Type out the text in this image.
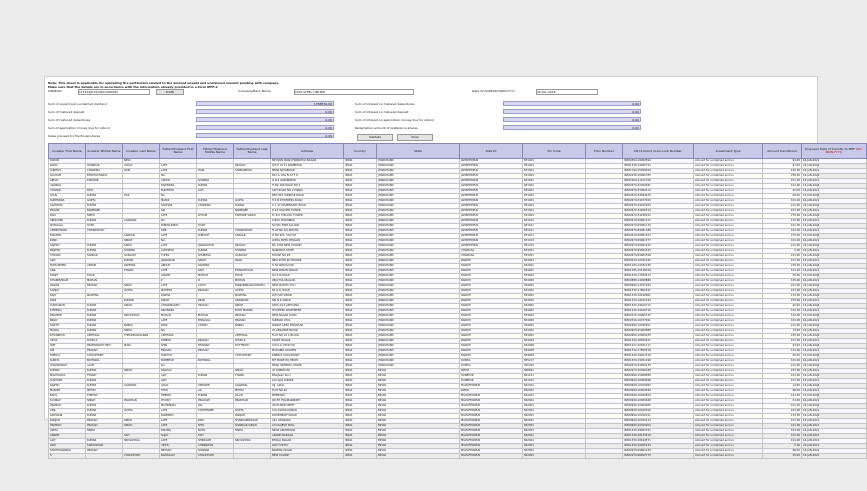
Note: This sheet is applicable for uploading the particulars related to the amount unpaid and unclaimed amount pending with company.
Make sure that the details are in accordance with the information already provided in e-form IEPF-2
CIN/BCIN	L25120JH1919PLC000000	Prefill	Company/Bank Name	TATA STEEL LIMITED	Date Of AGM(DD-MON-YYYY)	20-JUL-2018
Sum of unpaid and unclaimed dividend	1788576.00	Sum of interest on matured debentures	0.00
Sum of matured deposit	0.00	Sum of interest on matured deposit	0.00
Sum of matured debentures	0.00	Sum of interest on application money due for refund	0.00
Sum of application money due for refund	0.00	Redemption amount of preference shares	0.00
Sales proceed for fractional shares	0.00	Validate	Clear
Investor First Name	Investor Middle Name	Investor Last Name	Father/Husband First Name	Father/Husband Middle Name	Father/Husband Last Name	Address	Country	State	District	Pin Code	Folio Number	DP Id-Client Id-Account Number	Investment Type	Amount transferred	Proposed Date of transfer to IEPF (DD-MON-YYYY)
TARUN		NEGI				NE MAIN ROAD FRANKTOA NAGAR	INDIA	JHARKHAND	JAMSHEDPUR	831001		IN300394-19000594	Amount for unclaimed and un	91.00	16-JAN-2021
RAMA	SHANKAR	YADAV	LATE		PRASAD	Q/5 E LS 51 RAMBIHAR	INDIA	JHARKHAND	JAMSHEDPUR	831001		IN301330-19066715	Amount for unclaimed and un	87.00	16-JAN-2021
SURESH	CHANDRA	SOM	LATE	HARI	SANKARPURI	NEAR NAYABIHAR	INDIA	JHARKHAND	JAMSHEDPUR	831001		IN301740-15099100	Amount for unclaimed and un	155.00	16-JAN-2021
GAUTAM	BHATTACHARYA		NA			601 A, DIG FLAT F 8	INDIA	JHARKHAND	JAMSHEDPUR	831001		IN302236-10091785	Amount for unclaimed and un	258.00	16-JAN-2021
ABHAY	KISHORE		ASHOK	SHARMA		Q.N.2 GOBINDPUR	INDIA	JHARKHAND	JAMSHEDPUR	831001		IN302269-11011750	Amount for unclaimed and un	221.00	16-JAN-2021
ANURAG			RAJENDRA	KUMAR		H NO 186 ROAD NO 3	INDIA	JHARKHAND	JAMSHEDPUR	831001		IN302679-32020481	Amount for unclaimed and un	101.00	16-JAN-2021
CHANDA	DEVI		SUKHDEO	SAH		16/3 ROAD NO 2 FARNA	INDIA	JHARKHAND	JAMSHEDPUR	831001		IN302679-33094114	Amount for unclaimed and un	25.00	16-JAN-2021
GYAN	KUMAR	DAS	NA			NEC 807 SUNRISE ROAD	INDIA	JHARKHAND	JAMSHEDPUR	831001		IN302679-33094425	Amount for unclaimed and un	40.00	16-JAN-2021
SURENDRA	GUPTA		MANIK	KUMAR	GUPTA	H 2 B P EXPRESS ROAD	INDIA	JHARKHAND	JAMSHEDPUR	831001		IN302679-34157024	Amount for unclaimed and un	101.00	16-JAN-2021
SAMANTA	KUMAR		SADHAN	CHANDRA	KUMAR	C C 17 DISPENSARY ROAD	INDIA	JHARKHAND	JAMSHEDPUR	831001		IN302679-34160025	Amount for unclaimed and un	101.00	16-JAN-2021
PRAVIN	BANERJEE		SRI		BANERJEE	Q 23 GOLDEN TOWER	INDIA	JHARKHAND	JAMSHEDPUR	831001		IN302679-34206514	Amount for unclaimed and un	101.00	16-JAN-2021
RAVI	SINHA		LATE	SHYAM	KISHORE SINGH	FL 4/2 H BLOCK TOWER	INDIA	JHARKHAND	JAMSHEDPUR	831001		IN302679-34228151	Amount for unclaimed and un	270.00	16-JAN-2021
ABHISHEK	KUMAR	AGARWAL	NA			C/203, BURHIBAR	INDIA	JHARKHAND	JAMSHEDPUR	831011		IN302679-99061127	Amount for unclaimed and un	115.00	16-JAN-2021
MANGALA	DASH		NIRMALENDU	DASH		SO NO 3008 SALANG	INDIA	JHARKHAND	JAMSHEDPUR	831011		IN302679-99061179	Amount for unclaimed and un	101.00	16-JAN-2021
AMBESHWAR	CHOWDHURY		ANIL	KUMAR	CHOWDHURY	FLAT NO 3/2 SHIKHA	INDIA	JHARKHAND	JAMSHEDPUR	831011		IN302679-99061186	Amount for unclaimed and un	101.00	16-JAN-2021
SWAPAN		SARKAR	LATE	SUBODH	SARKAR	H NO 301, SOJ M.P.	INDIA	JHARKHAND	JAMSHEDPUR	831011		IN302679-99061327	Amount for unclaimed and un	279.00	16-JAN-2021
RINKI		SINGH	NA			LOHIA PATEL BHAVAN	INDIA	JHARKHAND	JAMSHEDPUR	831013		IN302679-99061377	Amount for unclaimed and un	101.00	16-JAN-2021
RAJESH	KUMAR	SINHA	LATE	JANARDHAN	PRASAD	NC 1256 NEW COLONY	INDIA	JHARKHAND	JAMSHEDPUR	831013		IN302679-99061420	Amount for unclaimed and un	101.00	16-JAN-2021
BRIJESH	KUMAR	SHARMA	AUDHESH	KUMAR	SHARMA	NARMADA STATE	INDIA	JHARKHAND	CHAIBASA	833201		IN302679-99061543	Amount for unclaimed and un	5.00	16-JAN-2021
CHAYAN	SANKAR	GANGULY	TUHIN	SHUBHRA	GANGULY	HOUSE NO 28	INDIA	JHARKHAND	CHAIBASA	833201		IN302679-99061558	Amount for unclaimed and un	101.00	16-JAN-2021
AJAY		KUMAR	JANARDAN	SINGH	RANA	NEO SUITE KUTHOHAR	INDIA	JHARKHAND	RANCHI	834001		IN300239-12032195	Amount for unclaimed and un	101.00	16-JAN-2021
MOHAMMED	ANSOR	RAHMAN	ABDUR	RAHMAN		H 36 ISPATGAON	INDIA	JHARKHAND	RANCHI	834001		IN301180-19332136	Amount for unclaimed and un	279.00	16-JAN-2021
ANIL		TIWARY	LATE	RAM	BHARATHAUR	NEW PANAN NAGAR	INDIA	JHARKHAND	RANCHI	834001		IN301185-10148318	Amount for unclaimed and un	101.00	16-JAN-2021
RANJIT	DHAR		ANAND	MOHAN	DHAR	SO X M ROAD	INDIA	JHARKHAND	RANCHI	834002		IN301330-17932414	Amount for unclaimed and un	55.00	16-JAN-2021
DHARMVIRAM	MOHAN		P	R	MOHAN	2B/4 TOLI BAGAN	INDIA	JHARKHAND	RANCHI	834002		IN300888-14008886	Amount for unclaimed and un	105.00	16-JAN-2021
PAWAN	PRASAD	SINHA	LATE	SATYA	RANJANPRAKASHSINHA	NEW MADHU TOLI	INDIA	JHARKHAND	RANCHI	834002		IN300999-13017183	Amount for unclaimed and un	101.00	16-JAN-2021
SANJAY		GUPTA	MAHESH	PRASAD	GUPTA	82 G.R. ROAD	INDIA	JHARKHAND	RANCHI	834002		IN301330-17861541	Amount for unclaimed and un	101.00	16-JAN-2021
RAJIT	MARTINA		KARMA		MARTINA	W/O SRI VINOD	INDIA	JHARKHAND	RANCHI	834002		IN301330-18190061	Amount for unclaimed and un	115.00	16-JAN-2021
RANI		KUMARI	SINGH	BIHAI	ANANDAM	SRI N K SINGH	INDIA	JHARKHAND	RANCHI	834002		IN301330-19421234	Amount for unclaimed and un	279.00	16-JAN-2021
SUSHAMAN	KUMAR	SINGH	CHANDRADEO	PRASAD	SINGH	S/NO 2/13 ASHIYANA	INDIA	JHARKHAND	RANCHI	834002		IN301330-19422713	Amount for unclaimed and un	42.00	16-JAN-2021
DHEERAJ	KUMAR		RAVINDRA		NATH MURMU	SH DEEPA APARTMENT	INDIA	JHARKHAND	RANCHI	834002		IN301330-19440716	Amount for unclaimed and un	101.00	16-JAN-2021
PRAVEEN	KUMAR	SRIVASTAVA	MADAN	MOHAN	PRASAD	NEW NAGAR LOWA	INDIA	JHARKHAND	RANCHI	834002		IN302316-10065745	Amount for unclaimed and un	132.00	16-JAN-2021
BINAY	KUMAR		LATE	BHAGVAL	PRASAD	SUNDAR CIVIL	INDIA	JHARKHAND	RANCHI	834002		IN302316-10077041	Amount for unclaimed and un	101.00	16-JAN-2021
KANTIT	KUMAR	BABRA	PARA	CHAND	BABRA	RANCH ARBA BHAWSAR	INDIA	JHARKHAND	RANCHI	834002		IN302496-10040201	Amount for unclaimed and un	101.00	16-JAN-2021
MANOJ	KUMAR	SINHA	NA			AT ARSANDE BLOCK	INDIA	JHARKHAND	RANCHI	834002		IN302608-25000888	Amount for unclaimed and un	13.00	16-JAN-2021
DHURBESH	ANTHIKAL	THEKKEKAKSARAN	ANTHIKAL		ANTHIKAL	FLAT NO 10 A BLOCK	INDIA	JHARKHAND	RANCHI	834002		IN302680-10000033	Amount for unclaimed and un	105.00	16-JAN-2021
VIDYA	SHUKLA		DINESH	PRASAD	SHUKLA	SAKET NAGAR	INDIA	JHARKHAND	RANCHI	834004		IN301330-18025611	Amount for unclaimed and un	101.00	16-JAN-2021
SMT	PRABHAWATI DEVI	MODI	SHRI	BHAWAN	DUTTMODI	C/O K.K. MODI 26	INDIA	JHARKHAND	RANCHI	834008		IN301127-16021117	Amount for unclaimed and un	54.00	16-JAN-2021
OM	PRASAD		PRASAD	PRASAD		MAHABIR GOLDEN	INDIA	JHARKHAND	RANCHI	834008		IN301330-17850218	Amount for unclaimed and un	101.00	16-JAN-2021
SNEHAL	CHOUDHURY		PURUSH		CHOUDHURY	SNEHLE CHOUDHARY	INDIA	JHARKHAND	RANCHI	834009		IN301330-19027218	Amount for unclaimed and un	50.00	16-JAN-2021
SUNITA	BATHWAL		BUMEESH	BATHWAL		BIT MORE PO HECHI	INDIA	JHARKHAND	DUMKA	835217		IN301330-19451198	Amount for unclaimed and un	101.00	16-JAN-2021
SHAHNAWAZ	ALAM		NA			NEAR GENERAL STORE	INDIA	JHARKHAND	DUMKA	835303		IN302679-33009135	Amount for unclaimed and un	101.00	16-JAN-2021
SUMAN	KUMAR	SINGH	RAGHAV		SINGH	AT KHINIRI PO	INDIA	BIHAR	PATNA	800001		IN302679-30090188	Amount for unclaimed and un	101.00	16-JAN-2021
MADHULIKA	TIWARY		AJAY	KUMAR	TIWARI	Bhagwan Kunj	INDIA	BIHAR	SONEPUR	841101		IN300999-10008589	Amount for unclaimed and un	101.00	16-JAN-2021
SUSHANT	KUMAR		AJAY			C/O AJAY KUMAR	INDIA	BIHAR	SONEPUR	841101		IN300999-10008598	Amount for unclaimed and un	101.00	16-JAN-2021
RAJESH	KUMAR	AGARWAL	JUGAL	KISHORE	AGARWAL	VIJ. AXIAL	INDIA	BIHAR	MUZAFFARPUR	842001		IN300999-10010082	Amount for unclaimed and un	14.00	16-JAN-2021
MANISH	MEHDI		SYED	ALI	MEHDI	FLAT NO.30	INDIA	BIHAR	PATNA	800002		IN300999-10009498	Amount for unclaimed and un	66.00	16-JAN-2021
KAPIL	KHETAN		DEEPAK	KUMAR	JALAN	MEERWAS	INDIA	BIHAR	MUZAFFARPUR	842001		IN300999-10009509	Amount for unclaimed and un	101.00	16-JAN-2021
SOURAV	SINGH	PRADHAN	PIYUSH	PRAKASH	PRADHAN	DR PH TIRAMARNDPH	INDIA	BIHAR	MUZAFFARPUR	842001		IN300999-10009628	Amount for unclaimed and un	51.00	16-JAN-2021
PRAMOD	KUMAR		MAHENDRA	RAI		LECTURER DEPTT	INDIA	BIHAR	MUZAFFARPUR	842001		IN300999-10009665	Amount for unclaimed and un	101.00	16-JAN-2021
ANIL	KUMAR	GUPTA	LATE	CHATTERJEE	GUPTA	C/O ASHOK KUMAR	INDIA	BIHAR	MUZAFFARPUR	842001		IN300999-10010106	Amount for unclaimed and un	101.00	16-JAN-2021
ASHWANI	KUMAR		RANENDU		RANJAN	DOUBHRATH ROAD	INDIA	BIHAR	MUZAFFARPUR	842001		IN300999-10010151	Amount for unclaimed and un	133.00	16-JAN-2021
RANJAN	PRASAD	SINHA	LATE	RAM	SHANKARPRASAD	VILL SHARADA	INDIA	BIHAR	MUZAFFARPUR	842001		IN300999-10010174	Amount for unclaimed and un	101.00	16-JAN-2021
PRAMOD	PRASAD	SINGH	LATE	SHIV	SHANKAR SINGH	C/O RAJESH PAUL	INDIA	BIHAR	MUZAFFARPUR	842001		IN300999-10010204	Amount for unclaimed and un	101.00	16-JAN-2021
AMITA	SINHA		RAVIRAJ	NATH	SINHA	NEAR AROMADHA	INDIA	BIHAR	MUZAFFARPUR	842001		IN301330-18061231	Amount for unclaimed and un	101.00	16-JAN-2021
ANAND		SAH	SUJAY	SAH		ANAND BAZAAR	INDIA	BIHAR	MUZAFFARPUR	842001		IN301330-18133210	Amount for unclaimed and un	101.00	16-JAN-2021
AJAY	KUMAR	SRIVASTAVA	LATE	SHRIKANT	SRIVASTAVA	BHOLA NAGAR	INDIA	BIHAR	MUZAFFARPUR	842001		IN301330-18194571	Amount for unclaimed and un	101.00	16-JAN-2021
RAM	SARVASHWA		VIDHU	CHINNATAN		GOTI VIDHU	INDIA	BIHAR	MUZAFFARPUR	842001		IN301330-18200134	Amount for unclaimed and un	5.00	16-JAN-2021
SACHIDANANDA	PRASAD		PRASAD	SHAMAR		BANMALI ROAD	INDIA	BIHAR	MUZAFFARPUR	842001		IN302679-99061234	Amount for unclaimed and un	66.00	16-JAN-2021
S		CHAUDHARY	RAMASARI	CHAUDHARY		NEW COLONY	INDIA	BIHAR	MUZAFFARPUR	842001		IN302279-96652770	Amount for unclaimed and un	25.00	16-JAN-2021
